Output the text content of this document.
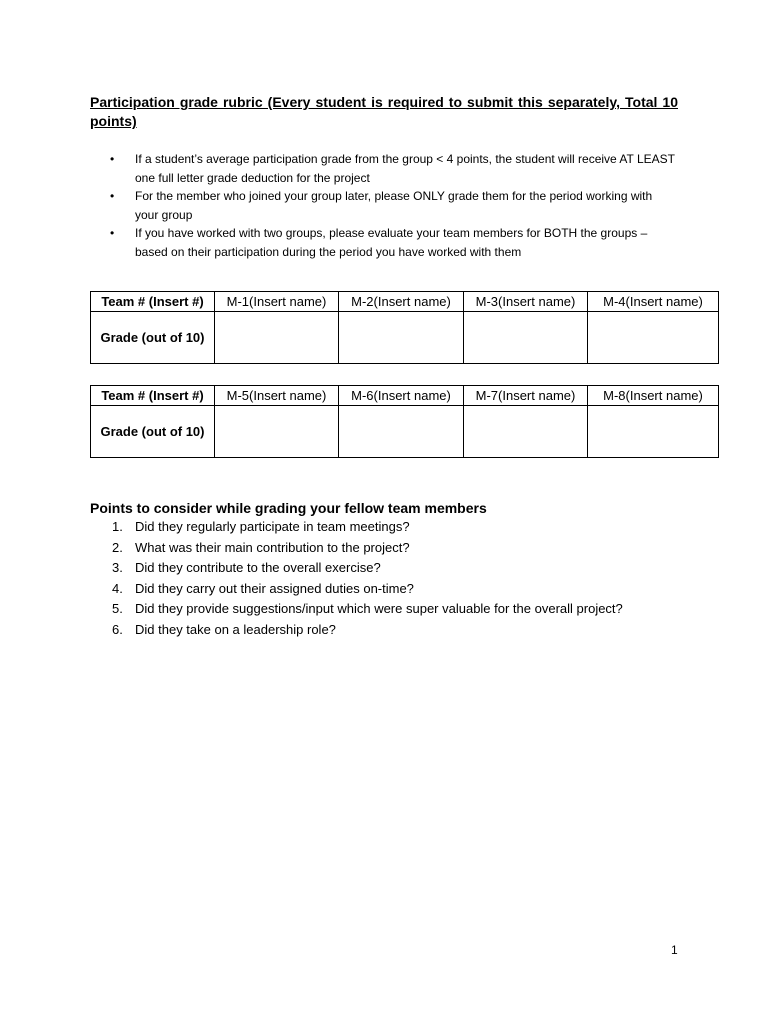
Participation grade rubric (Every student is required to submit this separately, Total 10 points)
• If a student’s average participation grade from the group < 4 points, the student will receive AT LEAST one full letter grade deduction for the project
• For the member who joined your group later, please ONLY grade them for the period working with your group
• If you have worked with two groups, please evaluate your team members for BOTH the groups – based on their participation during the period you have worked with them
Team # (Insert #)	M-1(Insert name)	M-2(Insert name)	M-3(Insert name)	M-4(Insert name)
Grade (out of 10)				
Team # (Insert #)	M-5(Insert name)	M-6(Insert name)	M-7(Insert name)	M-8(Insert name)
Grade (out of 10)				
Points to consider while grading your fellow team members
1. Did they regularly participate in team meetings?
2. What was their main contribution to the project?
3. Did they contribute to the overall exercise?
4. Did they carry out their assigned duties on-time?
5. Did they provide suggestions/input which were super valuable for the overall project?
6. Did they take on a leadership role?
1
